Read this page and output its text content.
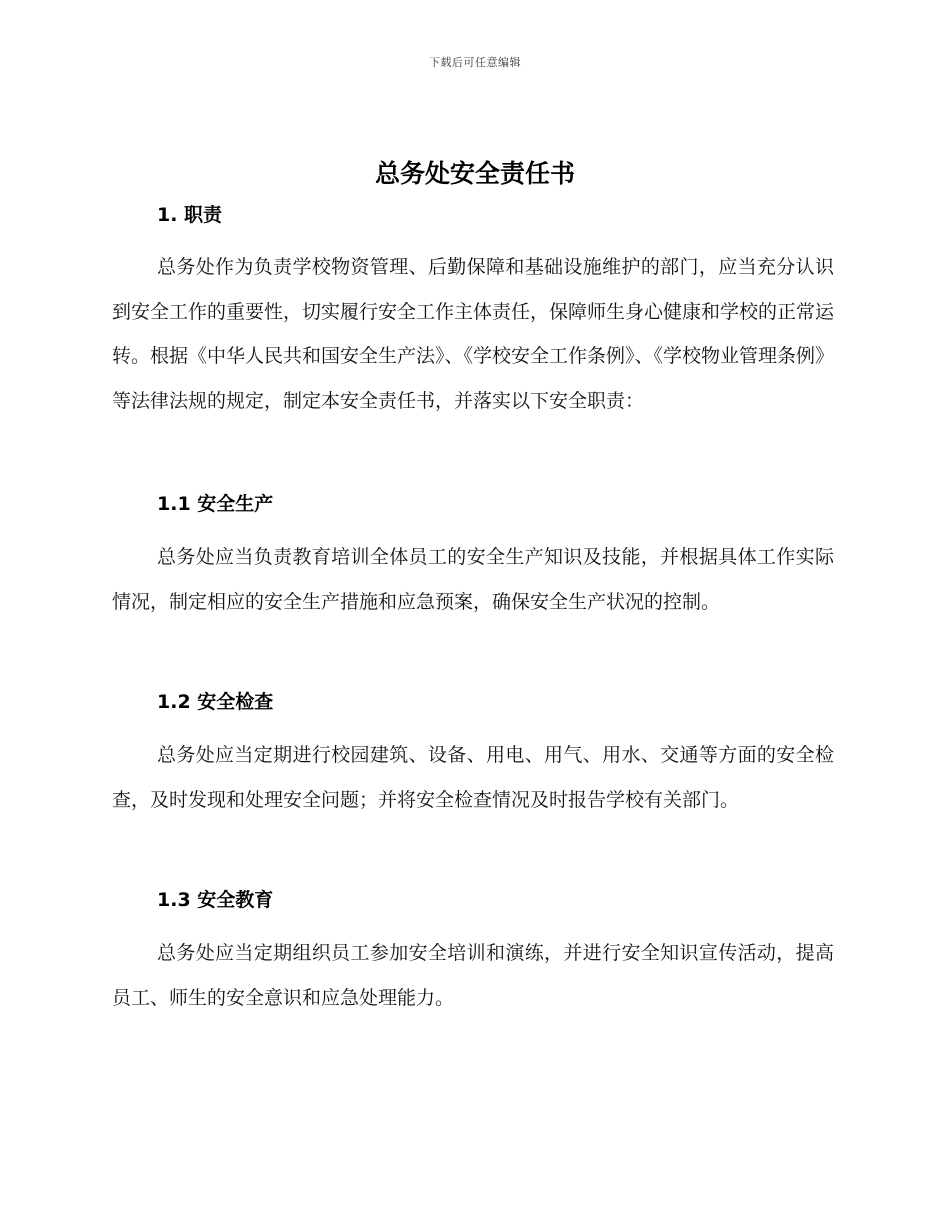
下载后可任意编辑
总务处安全责任书
1. 职责

总务处作为负责学校物资管理、后勤保障和基础设施维护的部门，应当充分认识到安全工作的重要性，切实履行安全工作主体责任，保障师生身心健康和学校的正常运转。根据《中华人民共和国安全生产法》、《学校安全工作条例》、《学校物业管理条例》等法律法规的规定，制定本安全责任书，并落实以下安全职责：

1.1 安全生产

总务处应当负责教育培训全体员工的安全生产知识及技能，并根据具体工作实际情况，制定相应的安全生产措施和应急预案，确保安全生产状况的控制。

1.2 安全检查

总务处应当定期进行校园建筑、设备、用电、用气、用水、交通等方面的安全检查，及时发现和处理安全问题；并将安全检查情况及时报告学校有关部门。

1.3 安全教育

总务处应当定期组织员工参加安全培训和演练，并进行安全知识宣传活动，提高员工、师生的安全意识和应急处理能力。
